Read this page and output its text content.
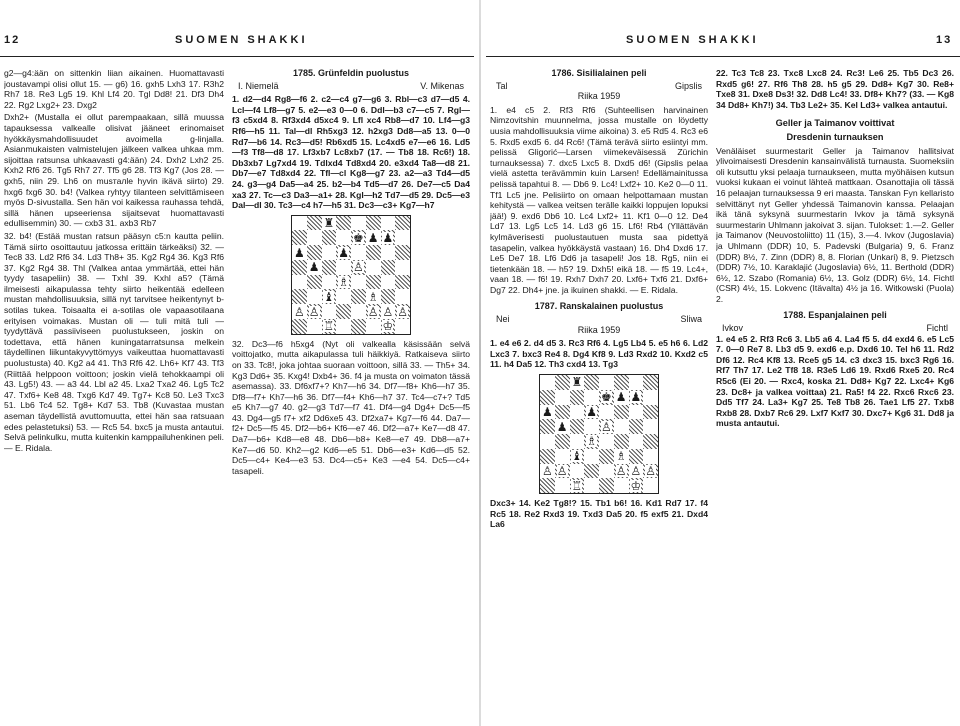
12	SUOMEN SHAKKI	SUOMEN SHAKKI	13

g2—g4:ään on sittenkin liian aikainen. Huomattavasti joustavampi olisi ollut 15. — g6) 16. gxh5 Lxh3 17. R3h2 Rh7 18. Re3 Lg5 19. Khl Lf4 20. Tgl Dd8! 21. Df3 Dh4 22. Rg2 Lxg2+ 23. Dxg2

Dxh2+ (Mustalla ei ollut parempaakaan, sillä muussa tapauksessa valkealle olisivat jääneet erinomaiset hyökkäysmahdollisuudet avoimella g-linjalla. Asianmukaisten valmistelujen jälkeen valkea uhkaa mm. sijoittaa ratsunsa uhkaavasti g4:ään) 24. Dxh2 Lxh2 25. Kxh2 Rf6 26. Tg5 Rh7 27. Tf5 g6 28. Tf3 Kg7 (Jos 28. — gxh5, niin 29. Lh6 on musталle hyvin ikävä siirto) 29. hxg6 fxg6 30. b4! (Valkea ryhtyy tilanteen selvittämiseen myös D-sivustalla. Sen hän voi kaikessa rauhassa tehdä, sillä hänen upseeriensa sijaitsevat huomattavasti edullisemmin) 30. — cxb3 31. axb3 Rb7

32. b4! (Estää mustan ratsun pääsyn c5:n kautta peliin. Tämä siirto osoittautuu jatkossa erittäin tärkeäksi) 32. — Tec8 33. Ld2 Rf6 34. Ld3 Th8+ 35. Kg2 Rg4 36. Kg3 Rf6 37. Kg2 Rg4 38. Thl (Valkea antaa ymmärtää, ettei hän tyydy tasapeliin) 38. — Txhl 39. Kxhl a5? (Tämä ilmeisesti aikapulassa tehty siirto heikentää edelleen mustan mahdollisuuksia, sillä nyt tarvitsee heikentynyt b-sotilas tukea. Toisaalta ei a-sotilas ole vapaasotilaana erityisen voimakas. Mustan oli — tuli mitä tuli — tyydyttävä passiiviseen puolustukseen, joskin on todettava, että hänen kuningatarratsunsa melkein täydellinen liikuntakyvyttömyys vaikeuttaa huomattavasti puolustusta) 40. Kg2 a4 41. Th3 Rf6 42. Lh6+ Kf7 43. Tf3 (Riittää helppoon voittoon; joskin vielä tehokkaampi oli 43. Lg5!) 43. — a3 44. Lbl a2 45. Lxa2 Txa2 46. Lg5 Tc2 47. Txf6+ Ke8 48. Txg6 Kd7 49. Tg7+ Kc8 50. Le3 Txc3 51. Lb6 Tc4 52. Tg8+ Kd7 53. Tb8 (Kuvastaa mustan aseman täydellistä avuttomuutta, ettei hän saa ratsuaan edes pelastetuksi) 53. — Rc5 54. bxc5 ja musta antautui. Selvä pelinkulku, mutta kuitenkin kamppailuhenkinen peli. — E. Ridala.

1785. Grünfeldin puolustus
I. Niemelä	V. Mikenas

1. d2—d4 Rg8—f6 2. c2—c4 g7—g6 3. Rbl—c3 d7—d5 4. Lcl—f4 Lf8—g7 5. e2—e3 0—0 6. Ddl—b3 c7—c5 7. Rgl—f3 c5xd4 8. Rf3xd4 d5xc4 9. Lfl xc4 Rb8—d7 10. Lf4—g3 Rf6—h5 11. Tal—dl Rh5xg3 12. h2xg3 Dd8—a5 13. 0—0 Rd7—b6 14. Rc3—d5! Rb6xd5 15. Lc4xd5 e7—e6 16. Ld5—f3 Tf8—d8 17. Lf3xb7 Lc8xb7 (17. — Tb8 18. Rc6!) 18. Db3xb7 Lg7xd4 19. Tdlxd4 Td8xd4 20. e3xd4 Ta8—d8 21. Db7—e7 Td8xd4 22. Tfl—cl Kg8—g7 23. a2—a3 Td4—d5 24. g3—g4 Da5—a4 25. b2—b4 Td5—d7 26. De7—c5 Da4 xa3 27. Tc—c3 Da3—a1+ 28. Kgl—h2 Td7—d5 29. Dc5—e3 Dal—dl 30. Tc3—c4 h7—h5 31. Dc3—c3+ Kg7—h7

♜
♚ ♟ ♟
♟	♟
♟	♙
♗
♝	♗
♙ ♙	♙ ♙ ♙
♖	♔

32. Dc3—f6 h5xg4 (Nyt oli valkealla käsissään selvä voittojatko, mutta aikapulassa tuli häikkiyä. Ratkaiseva siirto on 33. Tc8!, joka johtaa suoraan voittoon, sillä 33. — Th5+ 34. Kg3 Dd6+ 35. Kxg4! Dxb4+ 36. f4 ja musta on voimaton tässä asemassa). 33. Df6xf7+? Kh7—h6 34. Df7—f8+ Kh6—h7 35. Df8—f7+ Kh7—h6 36. Df7—f4+ Kh6—h7 37. Tc4—c7+? Td5 e5 Kh7—g7 40. g2—g3 Td7—f7 41. Df4—g4 Dg4+ Dc5—f5 43. Dg4—g5 f7+ xf2 Dd6xe5 43. Df2xa7+ Kg7—f6 44. Da7—f2+ Dc5—f5 45. Df2—b6+ Kf6—e7 46. Df2—a7+ Ke7—d8 47. Da7—b6+ Kd8—e8 48. Db6—b8+ Ke8—e7 49. Db8—a7+ Ke7—d6 50. Kh2—g2 Kd6—e5 51. Db6—e3+ Kd6—d5 52. Dc5—c4+ Ke4—e3 53. Dc4—c5+ Ke3 —e4 54. Dc5—c4+ tasapeli.

1786. Sisilialainen peli
Tal	Gipslis
Riika 1959

1. e4 c5 2. Rf3 Rf6 (Suhteellisen harvinainen Nimzovitshin muunnelma, jossa mustalle on löydetty uusia mahdollisuuksia viime aikoina) 3. e5 Rd5 4. Rc3 e6 5. Rxd5 exd5 6. d4 Rc6! (Tämä terävä siirto esiintyi mm. pelissä Gligorić—Larsen viimekeväisessä Zürichin turnauksessa) 7. dxc5 Lxc5 8. Dxd5 d6! (Gipslis pelaa vielä astetta terävämmin kuin Larsen! Edellämainitussa pelissä tapahtui 8. — Db6 9. Lc4! Lxf2+ 10. Ke2 0—0 11. Tf1 Lc5 jne. Pelisiirto on omaan helpottamaan mustan kehitystä — valkea veitsen terälle kaikki loppujen lopuksi jää!) 9. exd6 Db6 10. Lc4 Lxf2+ 11. Kf1 0—0 12. De4 Ld7 13. Lg5 Lc5 14. Ld3 g6 15. Lf6! Rb4 (Yllättävän kylmäverisesti puolustautuen musta saa pidettyä tasapelin, valkea hyökkäystä vastaan) 16. Dh4 Dxd6 17. Le5 De7 18. Lf6 Dd6 ja tasapeli! Jos 18. Rg5, niin ei tietenkään 18. — h5? 19. Dxh5! eikä 18. — f5 19. Lc4+, vaan 18. — f6! 19. Rxh7 Dxh7 20. Lxf6+ Txf6 21. Dxf6+ Dg7 22. Dh4+ jne. ja ikuinen shakki. — E. Ridala.

1787. Ranskalainen puolustus
Nei	Sliwa
Riika 1959

1. e4 e6 2. d4 d5 3. Rc3 Rf6 4. Lg5 Lb4 5. e5 h6 6. Ld2 Lxc3 7. bxc3 Re4 8. Dg4 Kf8 9. Ld3 Rxd2 10. Kxd2 c5 11. h4 Da5 12. Th3 cxd4 13. Tg3

♜
♚ ♟ ♟
♟	♟
♟	♙
♗
♝	♗
♙ ♙	♙ ♙ ♙
♖	♔

Dxc3+ 14. Ke2 Tg8!? 15. Tb1 b6! 16. Kd1 Rd7 17. f4 Rc5 18. Re2 Rxd3 19. Txd3 Da5 20. f5 exf5 21. Dxd4 La6

22. Tc3 Tc8 23. Txc8 Lxc8 24. Rc3! Le6 25. Tb5 Dc3 26. Rxd5 g6! 27. Rf6 Th8 28. h5 g5 29. Dd8+ Kg7 30. Re8+ Txe8 31. Dxe8 Ds3! 32. Dd8 Lc4! 33. Df8+ Kh7? (33. — Kg8 34 Dd8+ Kh7!) 34. Tb3 Le2+ 35. Kel Ld3+ valkea antautui.

Geller ja Taimanov voittivat
Dresdenin turnauksen

Venäläiset suurmestarit Geller ja Taimanov hallitsivat ylivoimaisesti Dresdenin kansainvälistä turnausta. Suomeksiin oli kutsuttu yksi pelaaja turnaukseen, mutta myöhäisen kutsun vuoksi kukaan ei voinut lähteä mattkaan. Osanottajia oli tässä 16 pelaajan turnauksessa 9 eri maasta. Tanskan Fyn kellaristo selvittänyt nyt Geller yhdessä Taimanovin kanssa. Pelaajan ikä tänä syksynä suurmestarin Ivkov ja tämä syksynä suurmestarin Uhlmann jakoivat 3. sijan. Tulokset: 1.—2. Geller ja Taimanov (Neuvostoliitto) 11 (15), 3.—4. Ivkov (Jugoslavia) ja Uhlmann (DDR) 10, 5. Padevski (Bulgaria) 9, 6. Franz (DDR) 8½, 7. Zinn (DDR) 8, 8. Florian (Unkari) 8, 9. Pietzsch (DDR) 7½, 10. Karaklajić (Jugoslavia) 6½, 11. Berthold (DDR) 6½, 12. Szabo (Romania) 6½, 13. Golz (DDR) 6½, 14. Fichtl (CSR) 4½, 15. Lokvenc (Itävalta) 4½ ja 16. Witkowski (Puola) 2.

1788. Espanjalainen peli
Ivkov	Fichtl

1. e4 e5 2. Rf3 Rc6 3. Lb5 a6 4. La4 f5 5. d4 exd4 6. e5 Lc5 7. 0—0 Re7 8. Lb3 d5 9. exd6 e.p. Dxd6 10. Tel h6 11. Rd2 Df6 12. Rc4 Kf8 13. Rce5 g5 14. c3 dxc3 15. bxc3 Rg6 16. Rf7 Th7 17. Le2 Tf8 18. R3e5 Ld6 19. Rxd6 Rxe5 20. Rc4 R5c6 (Ei 20. — Rxc4, koska 21. Dd8+ Kg7 22. Lxc4+ Kg6 23. Dc8+ ja valkea voittaa) 21. Ra5! f4 22. Rxc6 Rxc6 23. Dd5 Tf7 24. La3+ Kg7 25. Te8 Tb8 26. Tae1 Lf5 27. Txb8 Rxb8 28. Dxb7 Rc6 29. Lxf7 Kxf7 30. Dxc7+ Kg6 31. Dd8 ja musta antautui.
